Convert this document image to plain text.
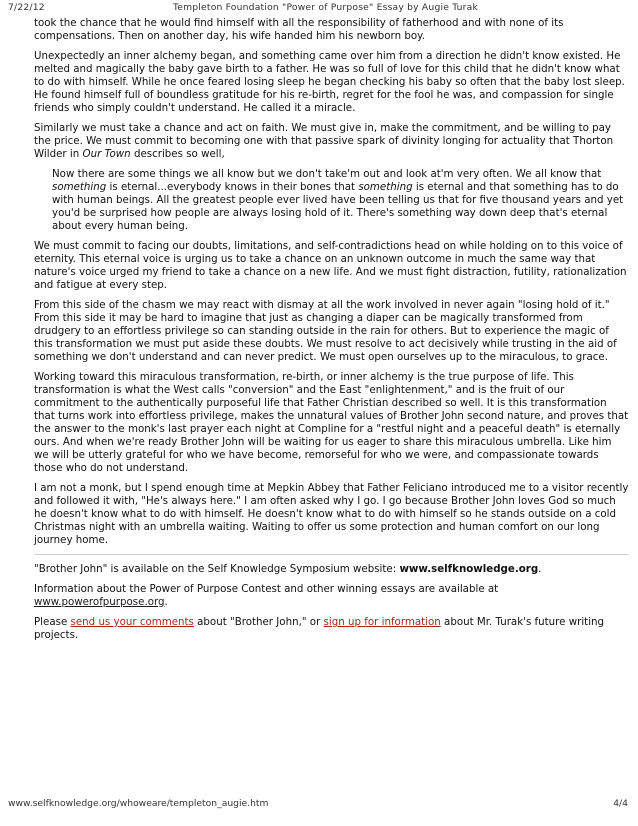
7/22/12	Templeton Foundation "Power of Purpose" Essay by Augie Turak

took the chance that he would find himself with all the responsibility of fatherhood and with none of its compensations. Then on another day, his wife handed him his newborn boy.

Unexpectedly an inner alchemy began, and something came over him from a direction he didn't know existed. He melted and magically the baby gave birth to a father. He was so full of love for this child that he didn't know what to do with himself. While he once feared losing sleep he began checking his baby so often that the baby lost sleep. He found himself full of boundless gratitude for his re-birth, regret for the fool he was, and compassion for single friends who simply couldn't understand. He called it a miracle.

Similarly we must take a chance and act on faith. We must give in, make the commitment, and be willing to pay the price. We must commit to becoming one with that passive spark of divinity longing for actuality that Thorton Wilder in Our Town describes so well,

Now there are some things we all know but we don't take'm out and look at'm very often. We all know that something is eternal...everybody knows in their bones that something is eternal and that something has to do with human beings. All the greatest people ever lived have been telling us that for five thousand years and yet you'd be surprised how people are always losing hold of it. There's something way down deep that's eternal about every human being.

We must commit to facing our doubts, limitations, and self-contradictions head on while holding on to this voice of eternity. This eternal voice is urging us to take a chance on an unknown outcome in much the same way that nature's voice urged my friend to take a chance on a new life. And we must fight distraction, futility, rationalization and fatigue at every step.

From this side of the chasm we may react with dismay at all the work involved in never again "losing hold of it." From this side it may be hard to imagine that just as changing a diaper can be magically transformed from drudgery to an effortless privilege so can standing outside in the rain for others. But to experience the magic of this transformation we must put aside these doubts. We must resolve to act decisively while trusting in the aid of something we don't understand and can never predict. We must open ourselves up to the miraculous, to grace.

Working toward this miraculous transformation, re-birth, or inner alchemy is the true purpose of life. This transformation is what the West calls "conversion" and the East "enlightenment," and is the fruit of our commitment to the authentically purposeful life that Father Christian described so well. It is this transformation that turns work into effortless privilege, makes the unnatural values of Brother John second nature, and proves that the answer to the monk's last prayer each night at Compline for a "restful night and a peaceful death" is eternally ours. And when we're ready Brother John will be waiting for us eager to share this miraculous umbrella. Like him we will be utterly grateful for who we have become, remorseful for who we were, and compassionate towards those who do not understand.

I am not a monk, but I spend enough time at Mepkin Abbey that Father Feliciano introduced me to a visitor recently and followed it with, "He's always here." I am often asked why I go. I go because Brother John loves God so much he doesn't know what to do with himself. He doesn't know what to do with himself so he stands outside on a cold Christmas night with an umbrella waiting. Waiting to offer us some protection and human comfort on our long journey home.

"Brother John" is available on the Self Knowledge Symposium website: www.selfknowledge.org.

Information about the Power of Purpose Contest and other winning essays are available at www.powerofpurpose.org.

Please send us your comments about "Brother John," or sign up for information about Mr. Turak's future writing projects.

www.selfknowledge.org/whoweare/templeton_augie.htm	4/4
